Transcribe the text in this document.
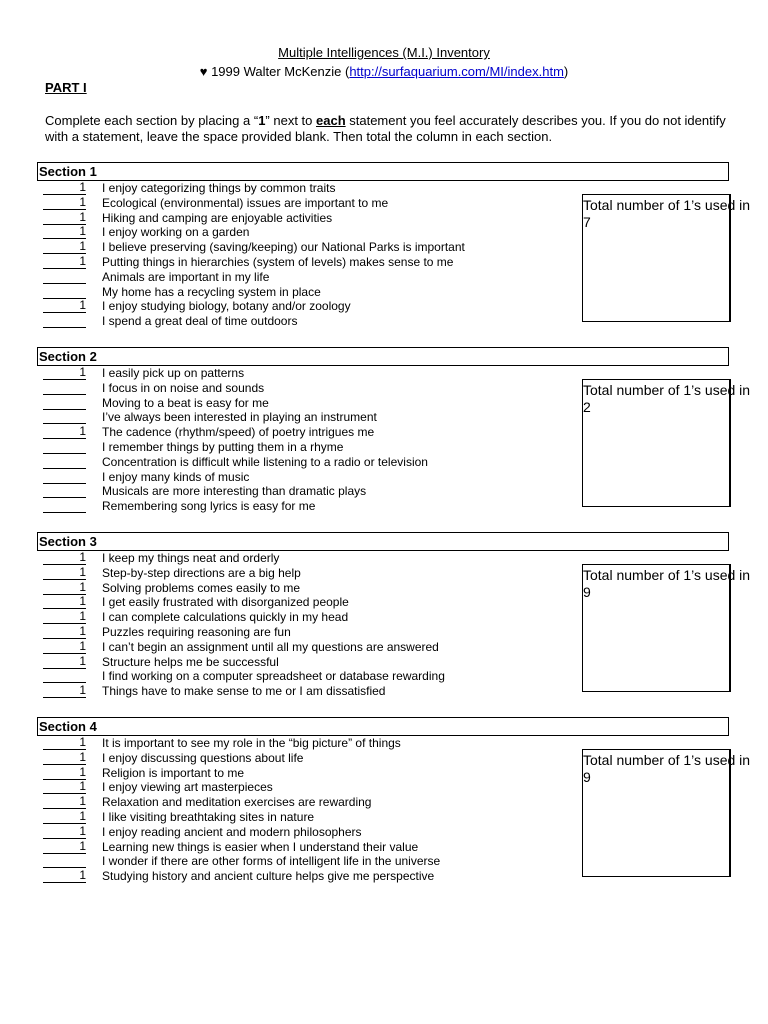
Multiple Intelligences (M.I.) Inventory
♥ 1999 Walter McKenzie (http://surfaquarium.com/MI/index.htm)
PART I
Complete each section by placing a “1” next to each statement you feel accurately describes you. If you do not identify with a statement, leave the space provided blank. Then total the column in each section.
Section 1
1 I enjoy categorizing things by common traits
1 Ecological (environmental) issues are important to me
1 Hiking and camping are enjoyable activities
1 I enjoy working on a garden
1 I believe preserving (saving/keeping) our National Parks is important
1 Putting things in hierarchies (system of levels) makes sense to me
Animals are important in my life
My home has a recycling system in place
1 I enjoy studying biology, botany and/or zoology
I spend a great deal of time outdoors
Total number of 1’s used in
7
Section 2
1 I easily pick up on patterns
I focus in on noise and sounds
Moving to a beat is easy for me
I’ve always been interested in playing an instrument
1 The cadence (rhythm/speed) of poetry intrigues me
I remember things by putting them in a rhyme
Concentration is difficult while listening to a radio or television
I enjoy many kinds of music
Musicals are more interesting than dramatic plays
Remembering song lyrics is easy for me
Total number of 1’s used in
2
Section 3
1 I keep my things neat and orderly
1 Step-by-step directions are a big help
1 Solving problems comes easily to me
1 I get easily frustrated with disorganized people
1 I can complete calculations quickly in my head
1 Puzzles requiring reasoning are fun
1 I can’t begin an assignment until all my questions are answered
1 Structure helps me be successful
I find working on a computer spreadsheet or database rewarding
1 Things have to make sense to me or I am dissatisfied
Total number of 1’s used in
9
Section 4
1 It is important to see my role in the “big picture” of things
1 I enjoy discussing questions about life
1 Religion is important to me
1 I enjoy viewing art masterpieces
1 Relaxation and meditation exercises are rewarding
1 I like visiting breathtaking sites in nature
1 I enjoy reading ancient and modern philosophers
1 Learning new things is easier when I understand their value
I wonder if there are other forms of intelligent life in the universe
1 Studying history and ancient culture helps give me perspective
Total number of 1’s used in
9
